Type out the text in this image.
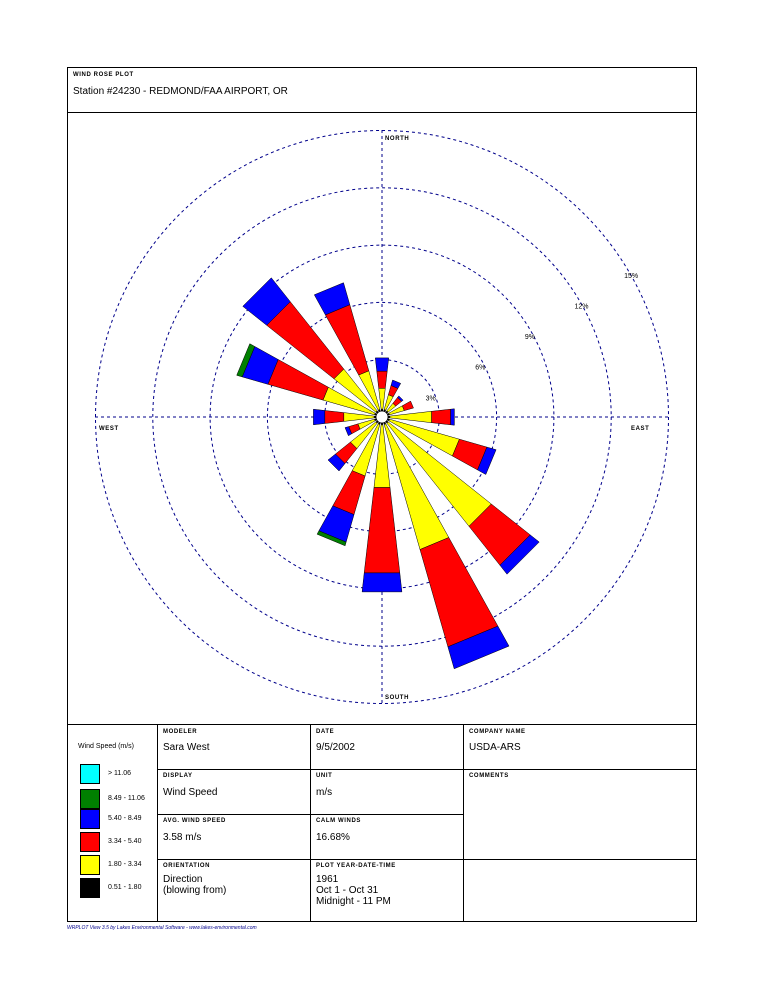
WIND ROSE PLOT
Station #24230 - REDMOND/FAA AIRPORT, OR
3%
6%
9%
12%
15%
NORTH
SOUTH
WEST	EAST
Wind Speed (m/s)
> 11.06
8.49 - 11.06
5.40 - 8.49
3.34 - 5.40
1.80 - 3.34
0.51 - 1.80
MODELER
Sara West
DATE
9/5/2002
COMPANY NAME
USDA-ARS
DISPLAY
Wind Speed
UNIT
m/s
COMMENTS
AVG. WIND SPEED
3.58 m/s
CALM WINDS
16.68%
ORIENTATION
Direction
(blowing from)
PLOT YEAR-DATE-TIME
1961
Oct 1 - Oct 31
Midnight - 11 PM
WRPLOT View 3.5 by Lakes Environmental Software - www.lakes-environmental.com
